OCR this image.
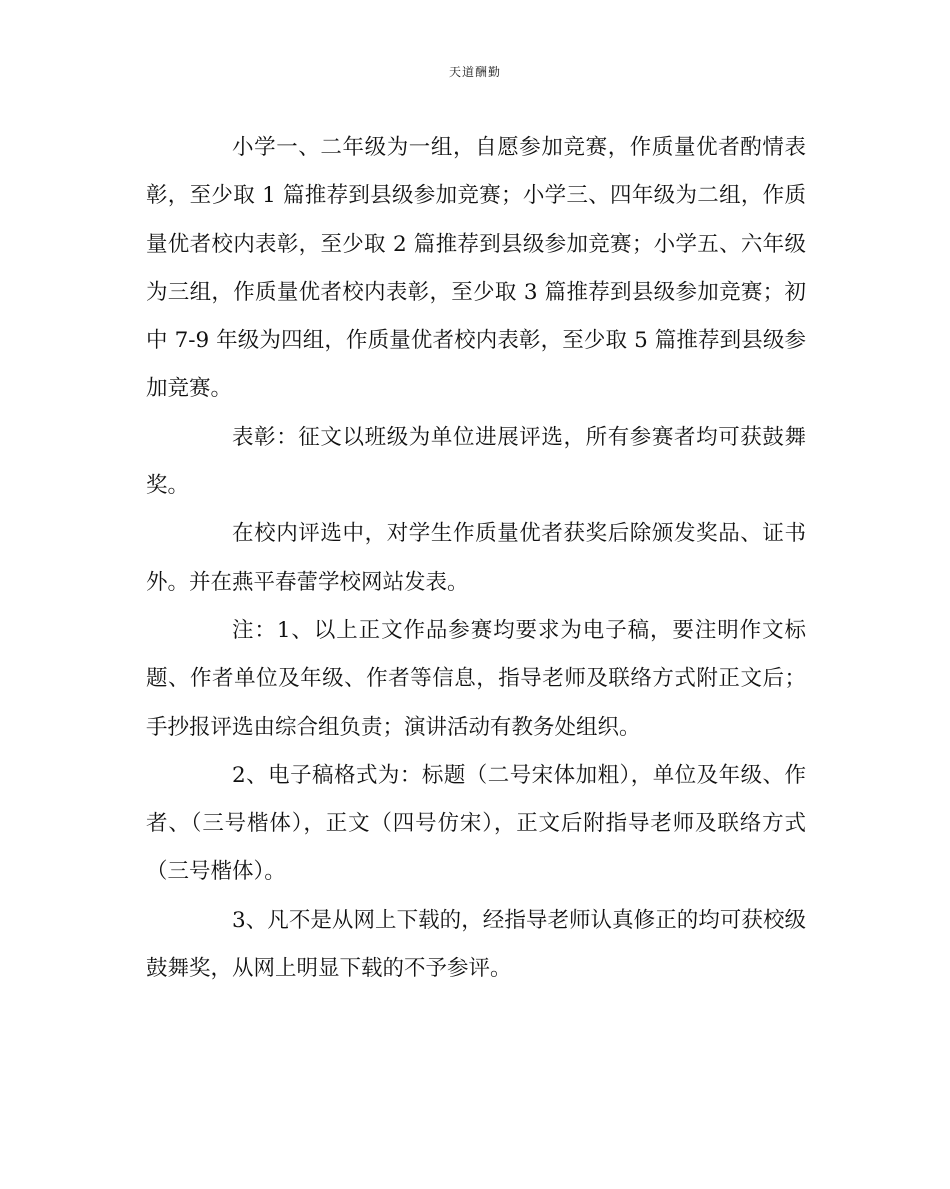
天道酬勤

小学一、二年级为一组，自愿参加竞赛，作质量优者酌情表彰，至少取 1 篇推荐到县级参加竞赛；小学三、四年级为二组，作质量优者校内表彰，至少取 2 篇推荐到县级参加竞赛；小学五、六年级为三组，作质量优者校内表彰，至少取 3 篇推荐到县级参加竞赛；初中 7-9 年级为四组，作质量优者校内表彰，至少取 5 篇推荐到县级参加竞赛。

表彰：征文以班级为单位进展评选，所有参赛者均可获鼓舞奖。

在校内评选中，对学生作质量优者获奖后除颁发奖品、证书外。并在燕平春蕾学校网站发表。

注：1、以上正文作品参赛均要求为电子稿，要注明作文标题、作者单位及年级、作者等信息，指导老师及联络方式附正文后；手抄报评选由综合组负责；演讲活动有教务处组织。

2、电子稿格式为：标题（二号宋体加粗），单位及年级、作者、（三号楷体），正文（四号仿宋），正文后附指导老师及联络方式（三号楷体）。

3、凡不是从网上下载的，经指导老师认真修正的均可获校级鼓舞奖，从网上明显下载的不予参评。
